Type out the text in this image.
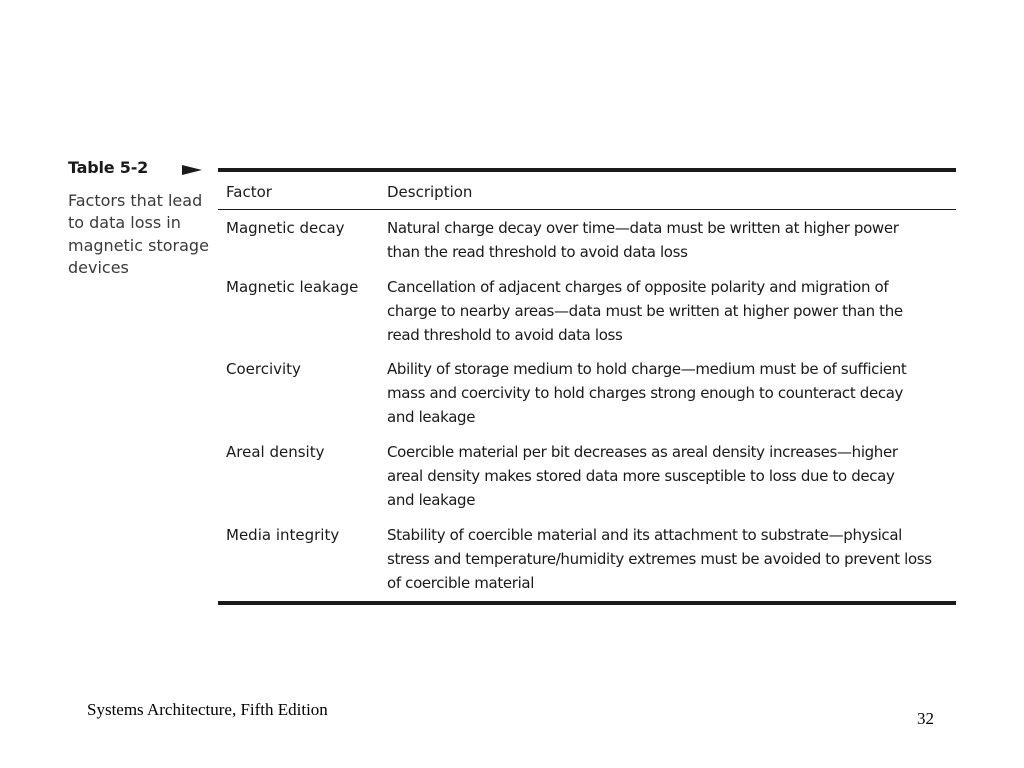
Table 5-2
Factors that lead to data loss in magnetic storage devices
Factor	Description
Magnetic decay	Natural charge decay over time—data must be written at higher power
than the read threshold to avoid data loss
Magnetic leakage	Cancellation of adjacent charges of opposite polarity and migration of
charge to nearby areas—data must be written at higher power than the
read threshold to avoid data loss
Coercivity	Ability of storage medium to hold charge—medium must be of sufficient
mass and coercivity to hold charges strong enough to counteract decay
and leakage
Areal density	Coercible material per bit decreases as areal density increases—higher
areal density makes stored data more susceptible to loss due to decay
and leakage
Media integrity	Stability of coercible material and its attachment to substrate—physical
stress and temperature/humidity extremes must be avoided to prevent loss
of coercible material
Systems Architecture, Fifth Edition	32
